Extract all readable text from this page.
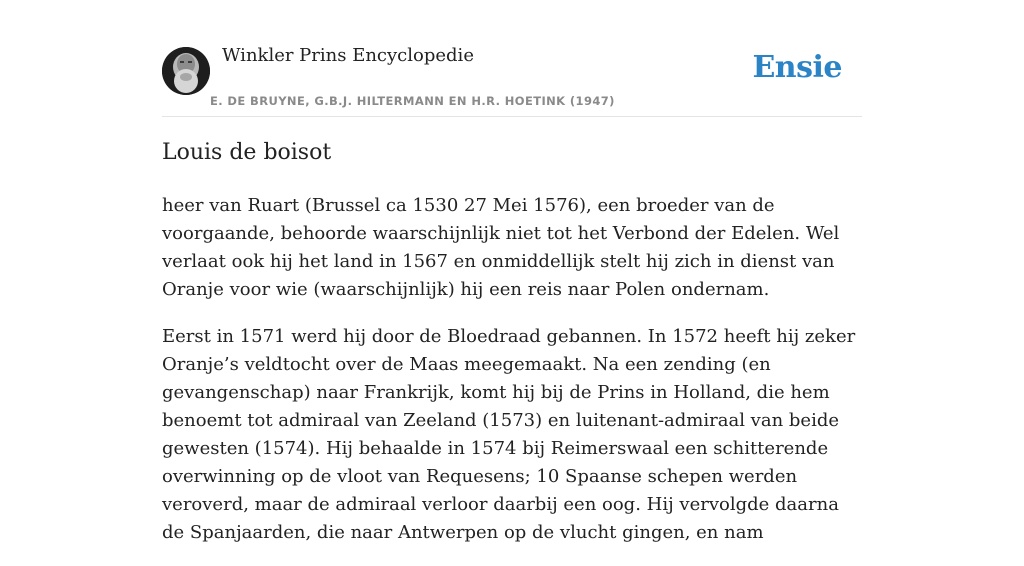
Winkler Prins Encyclopedie
E. DE BRUYNE, G.B.J. HILTERMANN EN H.R. HOETINK (1947)
Ensie
Louis de boisot

heer van Ruart (Brussel ca 1530 27 Mei 1576), een broeder van de voorgaande, behoorde waarschijnlijk niet tot het Verbond der Edelen. Wel verlaat ook hij het land in 1567 en onmiddellijk stelt hij zich in dienst van Oranje voor wie (waarschijnlijk) hij een reis naar Polen ondernam.

Eerst in 1571 werd hij door de Bloedraad gebannen. In 1572 heeft hij zeker Oranje’s veldtocht over de Maas meegemaakt. Na een zending (en gevangenschap) naar Frankrijk, komt hij bij de Prins in Holland, die hem benoemt tot admiraal van Zeeland (1573) en luitenant-admiraal van beide gewesten (1574). Hij behaalde in 1574 bij Reimerswaal een schitterende overwinning op de vloot van Requesens; 10 Spaanse schepen werden veroverd, maar de admiraal verloor daarbij een oog. Hij vervolgde daarna de Spanjaarden, die naar Antwerpen op de vlucht gingen, en nam
